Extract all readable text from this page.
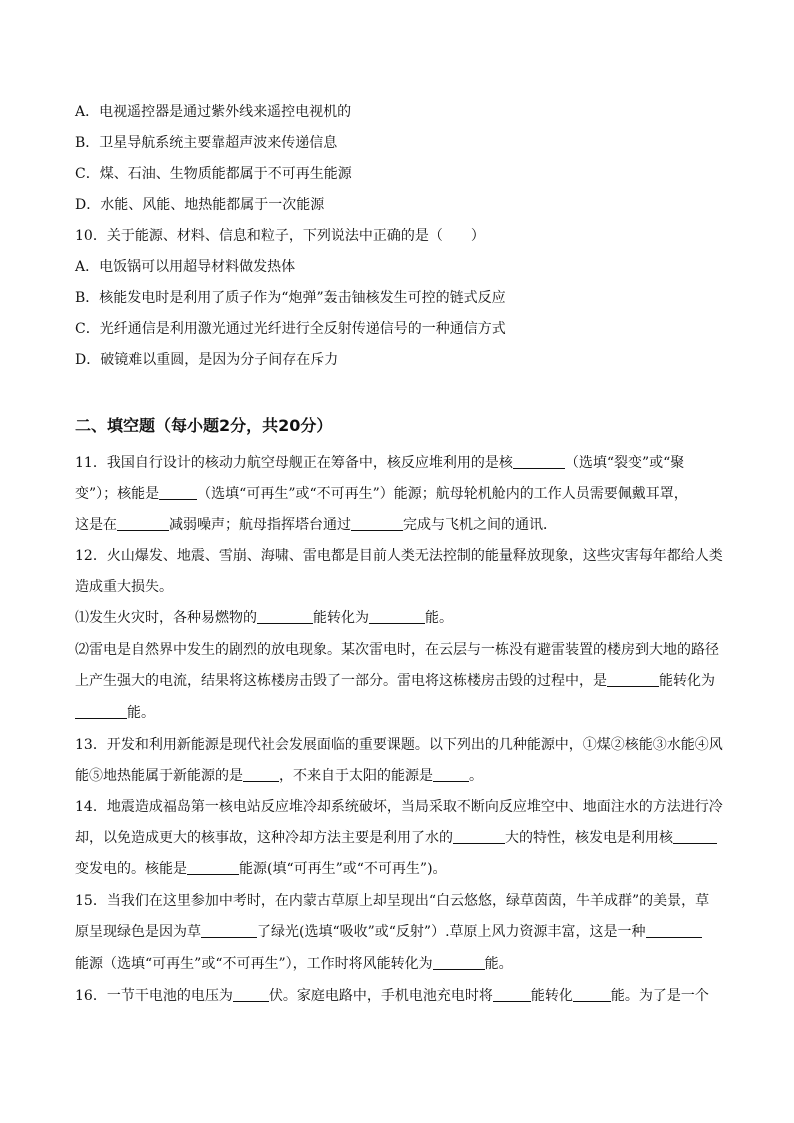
A．电视遥控器是通过紫外线来遥控电视机的
B．卫星导航系统主要靠超声波来传递信息
C．煤、石油、生物质能都属于不可再生能源
D．水能、风能、地热能都属于一次能源
10．关于能源、材料、信息和粒子，下列说法中正确的是（　　）
A．电饭锅可以用超导材料做发热体
B．核能发电时是利用了质子作为“炮弹”轰击铀核发生可控的链式反应
C．光纤通信是利用激光通过光纤进行全反射传递信号的一种通信方式
D．破镜难以重圆，是因为分子间存在斥力
二、填空题（每小题2分，共20分）
11．我国自行设计的核动力航空母舰正在筹备中，核反应堆利用的是核	（选填“裂变”或“聚
变”）；核能是	（选填“可再生”或“不可再生”）能源；航母轮机舱内的工作人员需要佩戴耳罩，
这是在	减弱噪声；航母指挥塔台通过	完成与飞机之间的通讯．
12．火山爆发、地震、雪崩、海啸、雷电都是目前人类无法控制的能量释放现象，这些灾害每年都给人类
造成重大损失。
⑴发生火灾时，各种易燃物的	能转化为	能。
⑵雷电是自然界中发生的剧烈的放电现象。某次雷电时，在云层与一栋没有避雷装置的楼房到大地的路径
上产生强大的电流，结果将这栋楼房击毁了一部分。雷电将这栋楼房击毁的过程中，是	能转化为
能。
13．开发和利用新能源是现代社会发展面临的重要课题。以下列出的几种能源中，①煤②核能③水能④风
能⑤地热能属于新能源的是	，不来自于太阳的能源是	。
14．地震造成福岛第一核电站反应堆冷却系统破坏，当局采取不断向反应堆空中、地面注水的方法进行冷
却，以免造成更大的核事故，这种冷却方法主要是利用了水的	大的特性，核发电是利用核
变发电的。核能是	能源(填“可再生”或“不可再生”)。
15．当我们在这里参加中考时，在内蒙古草原上却呈现出“白云悠悠，绿草茵茵，牛羊成群”的美景，草
原呈现绿色是因为草	了绿光(选填“吸收”或“反射”）.草原上风力资源丰富，这是一种
能源（选填“可再生”或“不可再生”），工作时将风能转化为	能。
16．一节干电池的电压为	伏。家庭电路中，手机电池充电时将	能转化	能。为了是一个
